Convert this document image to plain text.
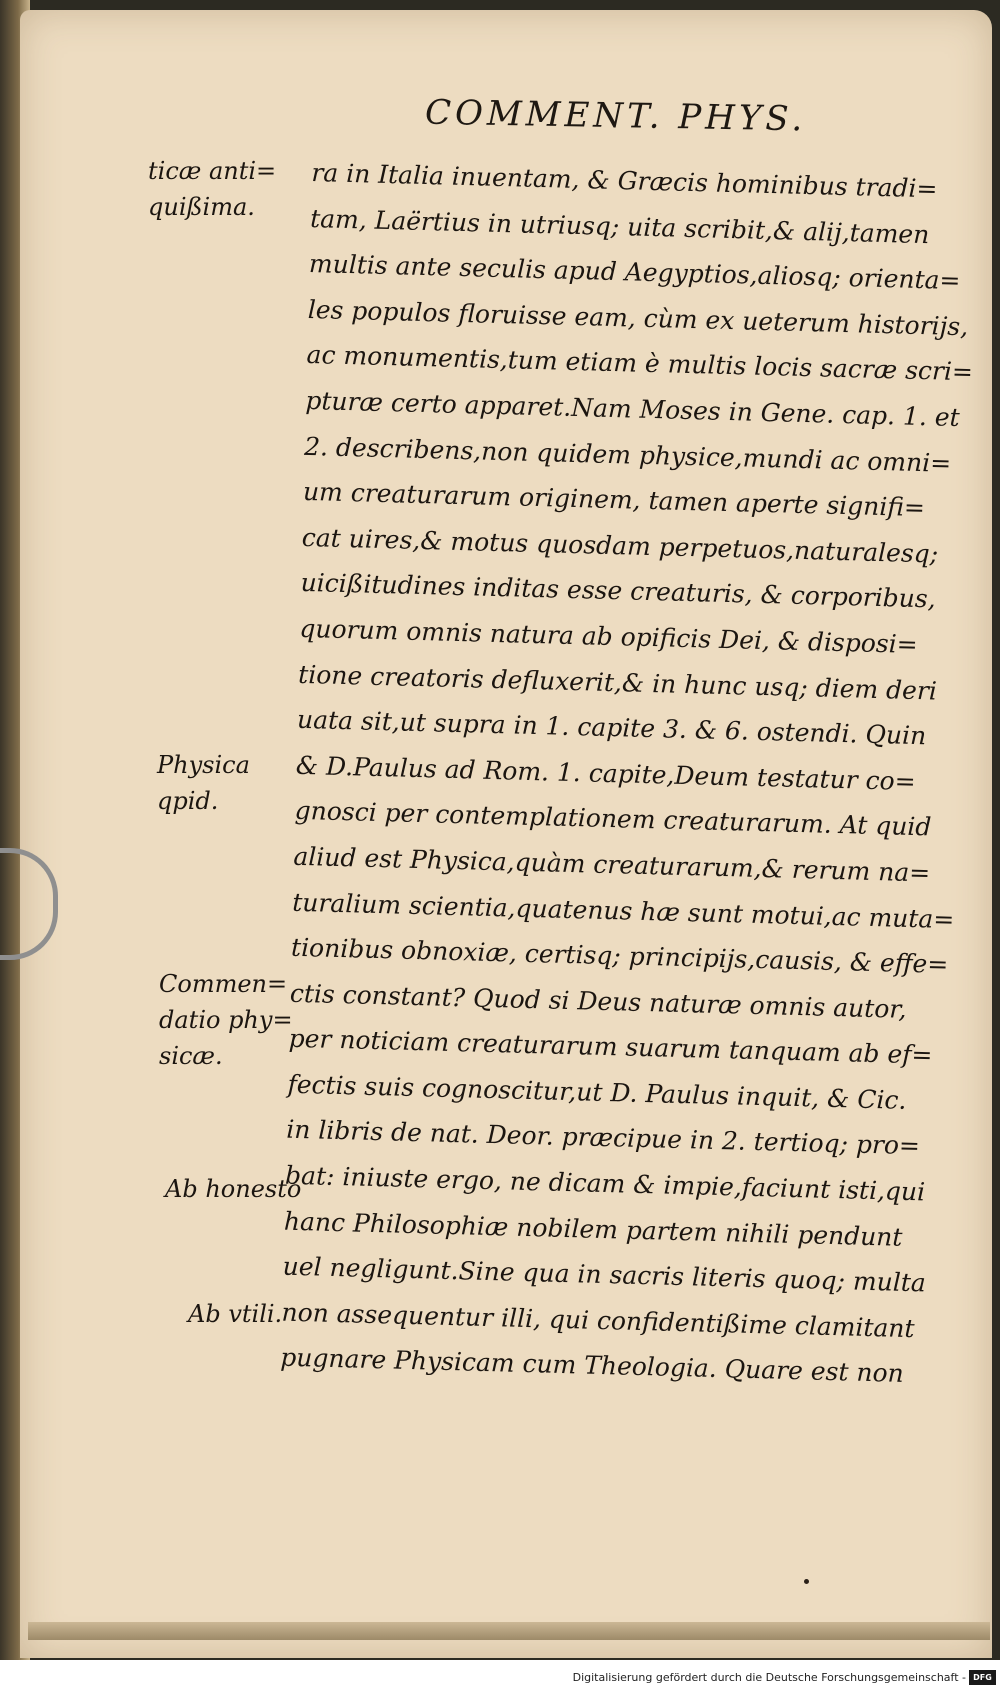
COMMENT. PHYS.
ticæ anti=
quißima.
Physica
qpid.
Commen=
datio phy=
sicæ.
Ab honesto
Ab vtili.
ra in Italia inuentam, & Græcis hominibus tradi=
tam, Laërtius in utriusq; uita scribit,& alij,tamen
multis ante seculis apud Aegyptios,aliosq; orienta=
les populos floruisse eam, cùm ex ueterum historijs,
ac monumentis,tum etiam è multis locis sacræ scri=
pturæ certo apparet.Nam Moses in Gene. cap. 1. et
2. describens,non quidem physice,mundi ac omni=
um creaturarum originem, tamen aperte signifi=
cat uires,& motus quosdam perpetuos,naturalesq;
uicißitudines inditas esse creaturis, & corporibus,
quorum omnis natura ab opificis Dei, & disposi=
tione creatoris defluxerit,& in hunc usq; diem deri
uata sit,ut supra in 1. capite 3. & 6. ostendi. Quin
& D.Paulus ad Rom. 1. capite,Deum testatur co=
gnosci per contemplationem creaturarum. At quid
aliud est Physica,quàm creaturarum,& rerum na=
turalium scientia,quatenus hæ sunt motui,ac muta=
tionibus obnoxiæ, certisq; principijs,causis, & effe=
ctis constant? Quod si Deus naturæ omnis autor,
per noticiam creaturarum suarum tanquam ab ef=
fectis suis cognoscitur,ut D. Paulus inquit, & Cic.
in libris de nat. Deor. præcipue in 2. tertioq; pro=
bat: iniuste ergo, ne dicam & impie,faciunt isti,qui
hanc Philosophiæ nobilem partem nihili pendunt
uel negligunt.Sine qua in sacris literis quoq; multa
non assequentur illi, qui confidentißime clamitant
pugnare Physicam cum Theologia. Quare est non
Digitalisierung gefördert durch die Deutsche Forschungsgemeinschaft - DFG
